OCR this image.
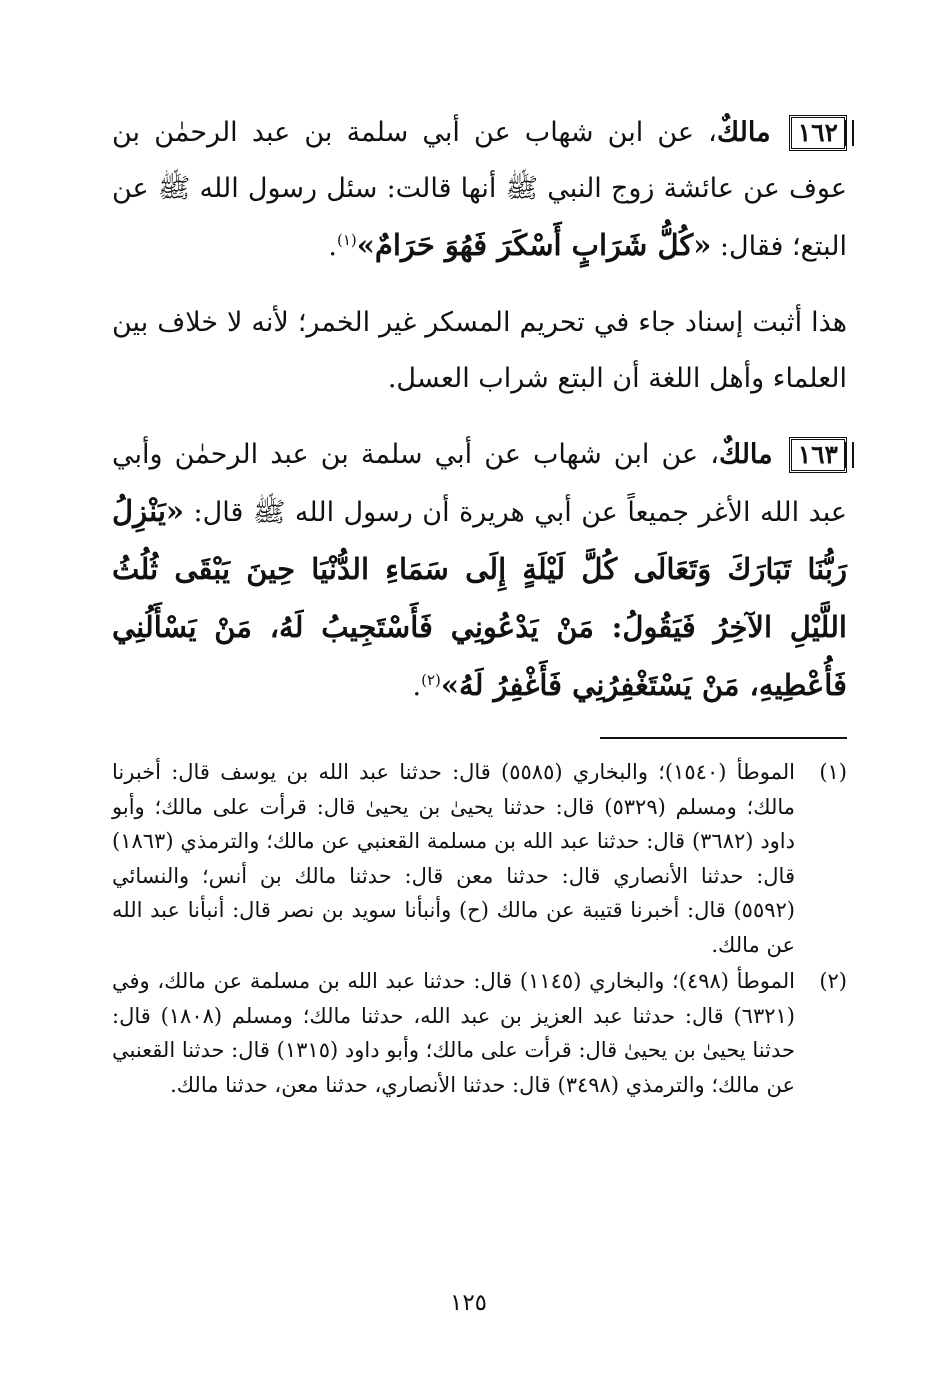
١٦٢ مالكٌ، عن ابن شهاب عن أبي سلمة بن عبد الرحمٰن بن عوف عن عائشة زوج النبي ﷺ أنها قالت: سئل رسول الله ﷺ عن البتع؛ فقال: «كُلُّ شَرَابٍ أَسْكَرَ فَهُوَ حَرَامٌ»$^{(١)}$.

هذا أثبت إسناد جاء في تحريم المسكر غير الخمر؛ لأنه لا خلاف بين العلماء وأهل اللغة أن البتع شراب العسل.

١٦٣ مالكٌ، عن ابن شهاب عن أبي سلمة بن عبد الرحمٰن وأبي عبد الله الأغر جميعاً عن أبي هريرة أن رسول الله ﷺ قال: «يَنْزِلُ رَبُّنَا تَبَارَكَ وَتَعَالَى كُلَّ لَيْلَةٍ إِلَى سَمَاءِ الدُّنْيَا حِينَ يَبْقَى ثُلُثُ اللَّيْلِ الآخِرُ فَيَقُولُ: مَنْ يَدْعُونِي فَأَسْتَجِيبُ لَهُ، مَنْ يَسْأَلُنِي فَأُعْطِيهِ، مَنْ يَسْتَغْفِرُنِي فَأَغْفِرُ لَهُ»$^{(٢)}$.

(١)
الموطأ (١٥٤٠)؛ والبخاري (٥٥٨٥) قال: حدثنا عبد الله بن يوسف قال: أخبرنا مالك؛ ومسلم (٥٣٢٩) قال: حدثنا يحيىٰ بن يحيىٰ قال: قرأت على مالك؛ وأبو داود (٣٦٨٢) قال: حدثنا عبد الله بن مسلمة القعنبي عن مالك؛ والترمذي (١٨٦٣) قال: حدثنا الأنصاري قال: حدثنا معن قال: حدثنا مالك بن أنس؛ والنسائي (٥٥٩٢) قال: أخبرنا قتيبة عن مالك (ح) وأنبأنا سويد بن نصر قال: أنبأنا عبد الله عن مالك.
(٢)
الموطأ (٤٩٨)؛ والبخاري (١١٤٥) قال: حدثنا عبد الله بن مسلمة عن مالك، وفي (٦٣٢١) قال: حدثنا عبد العزيز بن عبد الله، حدثنا مالك؛ ومسلم (١٨٠٨) قال: حدثنا يحيىٰ بن يحيىٰ قال: قرأت على مالك؛ وأبو داود (١٣١٥) قال: حدثنا القعنبي عن مالك؛ والترمذي (٣٤٩٨) قال: حدثنا الأنصاري، حدثنا معن، حدثنا مالك.
١٢٥
